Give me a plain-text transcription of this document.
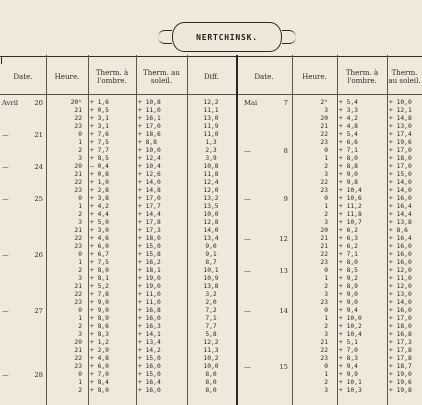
NERTCHINSK.
Date.	Heure.	Therm. à l'ombre.
Therm. au soleil.	Diff.	Date.	Heure.	Therm. à l'ombre.
Therm. au soleil.
Avril	20	20ʰ + 1,6	+ 10,8	12,2
21 + 0,5	+ 11,0	11,1
22 + 3,1	+ 16,1	13,0
23 + 3,1	+ 17,0	11,9
—	21	0 + 7,6	+ 18,6	11,0
1 + 7,5	+ 8,8	1,3
2 + 7,7	+ 10,0	2,3
3 + 8,5	+ 12,4	3,9
—	24	20 — 0,4	+ 10,4	10,8
21 + 0,8	+ 12,6	11,8
22 + 1,0	+ 14,0	12,4
23 + 2,8	+ 14,8	12,0
—	25	0 + 3,8	+ 17,0	13,2
1 + 4,2	+ 17,7	13,5
2 + 4,4	+ 14,4	10,0
3 + 5,0	+ 17,8	12,8
21 + 3,0	+ 17,3	14,0
22 + 4,6	+ 18,0	13,4
23 + 6,0	+ 15,0	9,0
—	26	0 + 6,7	+ 15,8	9,1
1 + 7,5	+ 16,2	8,7
2 + 8,0	+ 18,1	10,1
3 + 8,1	+ 19,0	10,9
21 + 5,2	+ 19,0	13,8
22 + 7,8	+ 11,0	3,2
23 + 9,0	+ 11,0	2,0
—	27	0 + 9,0	+ 16,8	7,2
1 + 8,9	+ 16,0	7,1
2 + 8,6	+ 16,3	7,7
3 + 8,3	+ 14,1	5,8
20 + 1,2	+ 13,4	12,2
21 + 2,9	+ 14,2	11,3
22 + 4,8	+ 15,0	10,2
23 + 6,0	+ 16,0	10,0
—	28	0 + 7,0	+ 15,0	8,0
1 + 8,4	+ 16,4	8,0
2 + 8,0	+ 16,0	8,0
Mai	7	2ʰ + 5,4	+ 10,0
3 + 3,3	+ 12,1
20 + 4,2	+ 14,8
21 + 4,8	+ 13,0
22 + 5,4	+ 17,4
23 + 6,6	+ 19,6
—	8	0 + 7,1	+ 17,0
1 + 8,0	+ 18,0
2 + 8,8	+ 17,0
3 + 9,0	+ 15,0
22 + 9,8	+ 14,0
23 + 10,4	+ 14,0
—	9	0 + 10,6	+ 16,0
1 + 11,2	+ 16,4
2 + 11,8	+ 14,4
3 + 10,7	+ 13,8
20 + 6,2	+ 8,6
—	12	21 + 6,3	+ 16,4
21 + 6,2	+ 16,0
22 + 7,1	+ 16,0
23 + 8,0	+ 16,0
—	13	0 + 8,5	+ 12,0
1 + 9,2	+ 11,0
2 + 8,9	+ 12,0
3 + 9,0	+ 13,0
23 + 9,0	+ 14,0
—	14	0 + 9,4	+ 16,0
1 + 10,0	+ 17,0
2 + 10,2	+ 18,0
3 + 10,4	+ 16,8
21 + 5,1	+ 17,3
22 + 7,0	+ 17,8
23 + 8,3	+ 17,8
—	15	0 + 9,4	+ 18,7
1 + 9,9	+ 19,0
2 + 10,1	+ 19,6
3 + 10,3	+ 19,8
